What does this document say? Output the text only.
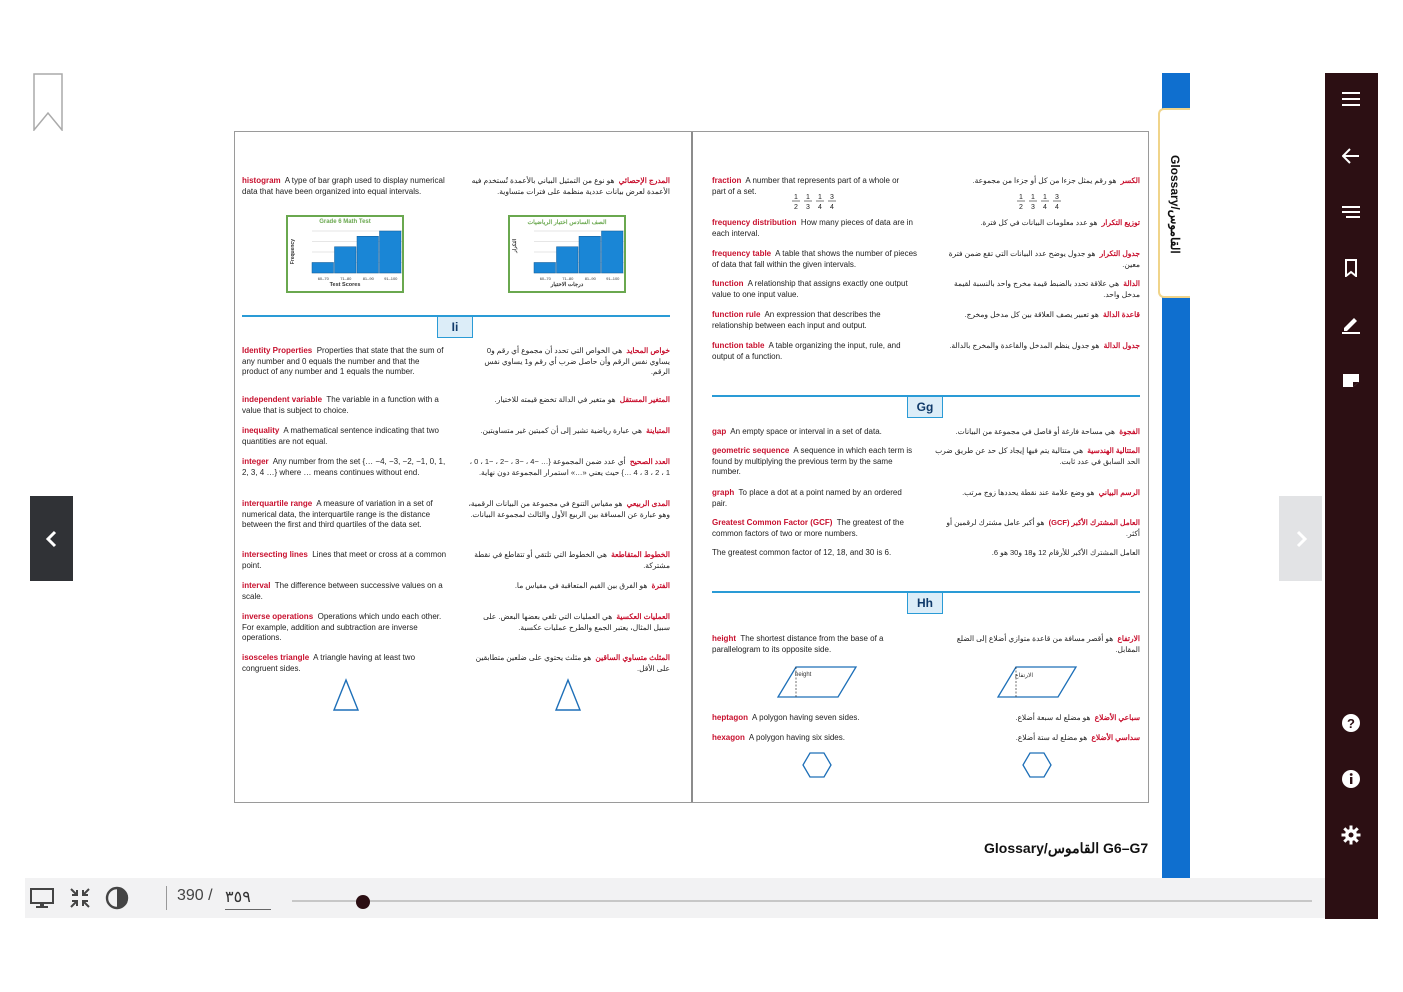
Glossary/القاموس
histogram A type of bar graph used to display numerical data that have been organized into equal intervals.
المدرج الإحصائي  هو نوع من التمثيل البياني بالأعمدة تُستخدم فيه الأعمدة لعرض بيانات عددية منظمة على فترات متساوية.
Grade 6 Math Test
Frequency
60–70	71–80	81–90	91–100
Test Scores
الصف السادس اختبار الرياضيات
التكرار
60–70	71–80	81–90	91–100
درجات الاختبار
Ii
Identity Properties Properties that state that the sum of any number and 0 equals the number and that the product of any number and 1 equals the number.
خواص المحايد  هي الخواص التي تحدد أن مجموع أي رقم و0 يساوي نفس الرقم وأن حاصل ضرب أي رقم و1 يساوي نفس الرقم.
independent variable The variable in a function with a value that is subject to choice.
المتغير المستقل  هو متغير في الدالة تخضع قيمته للاختيار.
inequality A mathematical sentence indicating that two quantities are not equal.
المتباينة  هي عبارة رياضية تشير إلى أن كميتين غير متساويتين.
integer Any number from the set {… −4, −3, −2, −1, 0, 1, 2, 3, 4 …} where … means continues without end.
العدد الصحيح  أي عدد ضمن المجموعة {… −4 ، −3 ، −2 ، −1 ، 0 ، 1 ، 2 ، 3 ، 4 …} حيث يعني «…» استمرار المجموعة دون نهاية.
interquartile range A measure of variation in a set of numerical data, the interquartile range is the distance between the first and third quartiles of the data set.
المدى الربيعي  هو مقياس التنوع في مجموعة من البيانات الرقمية، وهو عبارة عن المسافة بين الربيع الأول والثالث لمجموعة البيانات.
intersecting lines Lines that meet or cross at a common point.
الخطوط المتقاطعة  هي الخطوط التي تلتقي أو تتقاطع في نقطة مشتركة.
interval The difference between successive values on a scale.
الفترة  هو الفرق بين القيم المتعاقبة في مقياس ما.
inverse operations Operations which undo each other. For example, addition and subtraction are inverse operations.
العمليات العكسية  هي العمليات التي تلغي بعضها البعض. على سبيل المثال، يعتبر الجمع والطرح عمليات عكسية.
isosceles triangle A triangle having at least two congruent sides.
المثلث متساوي الساقين  هو مثلث يحتوي على ضلعين متطابقين على الأقل.
fraction A number that represents part of a whole or part of a set.
الكسر  هو رقم يمثل جزءا من كل أو جزءا من مجموعة.
1
2
1
3
1
4
3
4
1
2
1
3
1
4
3
4
frequency distribution How many pieces of data are in each interval.
توزيع التكرار  هو عدد معلومات البيانات في كل فترة.
frequency table A table that shows the number of pieces of data that fall within the given intervals.
جدول التكرار  هو جدول يوضح عدد البيانات التي تقع ضمن فترة معين.
function A relationship that assigns exactly one output value to one input value.
الدالة  هي علاقة تحدد بالضبط قيمة مخرج واحد بالنسبة لقيمة مدخل واحد.
function rule An expression that describes the relationship between each input and output.
قاعدة الدالة  هو تعبير يصف العلاقة بين كل مدخل ومخرج.
function table A table organizing the input, rule, and output of a function.
جدول الدالة  هو جدول ينظم المدخل والقاعدة والمخرج بالدالة.
Gg
gap An empty space or interval in a set of data.	الفجوة  هي مساحة فارغة أو فاصل في مجموعة من البيانات.
geometric sequence A sequence in which each term is found by multiplying the previous term by the same number.
المتتالية الهندسية  هي متتالية يتم فيها إيجاد كل حد عن طريق ضرب الحد السابق في عدد ثابت.
graph To place a dot at a point named by an ordered pair.
الرسم البياني  هو وضع علامة عند نقطة يحددها زوج مرتب.
Greatest Common Factor (GCF) The greatest of the common factors of two or more numbers.
العامل المشترك الأكبر (GCF)  هو أكبر عامل مشترك لرقمين أو أكثر.
The greatest common factor of 12, 18, and 30 is 6.	العامل المشترك الأكبر للأرقام 12 و18 و30 هو 6.
Hh
height The shortest distance from the base of a parallelogram to its opposite side.
الارتفاع  هو أقصر مسافة من قاعدة متوازي أضلاع إلى الضلع المقابل.
height	الارتفاع
heptagon A polygon having seven sides.	سباعي الأضلاع  هو مضلع له سبعة أضلاع.
hexagon A polygon having six sides.	سداسي الأضلاع  هو مضلع له ستة أضلاع.
Glossary/القاموس G6–G7
?
390 /
٣٥٩
